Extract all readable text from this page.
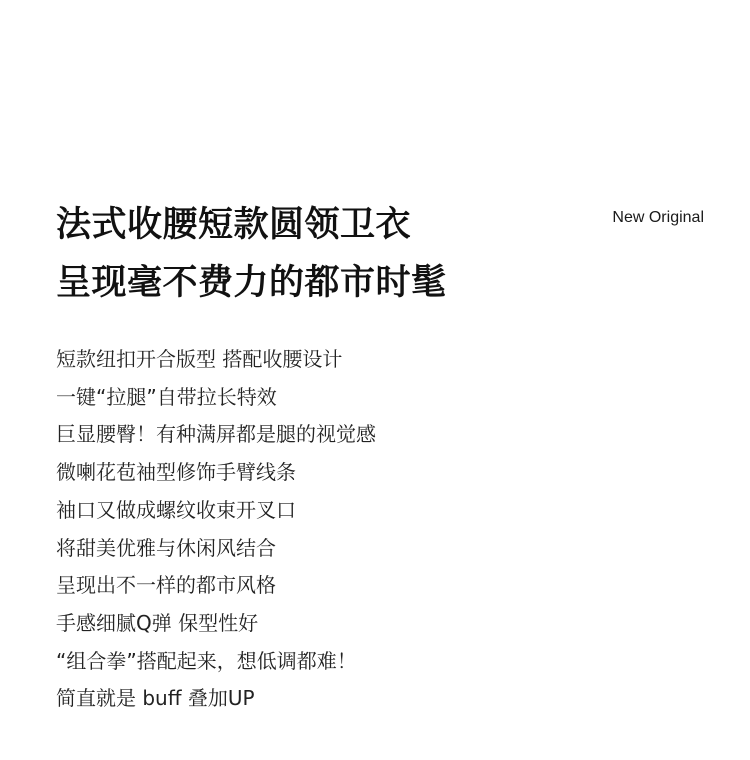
法式收腰短款圆领卫衣
呈现毫不费力的都市时髦
New Original
短款纽扣开合版型 搭配收腰设计
一键“拉腿”自带拉长特效
巨显腰臀！有种满屏都是腿的视觉感
微喇花苞袖型修饰手臂线条
袖口又做成螺纹收束开叉口
将甜美优雅与休闲风结合
呈现出不一样的都市风格
手感细腻Q弹 保型性好
“组合拳”搭配起来，想低调都难！
简直就是 buff 叠加UP
